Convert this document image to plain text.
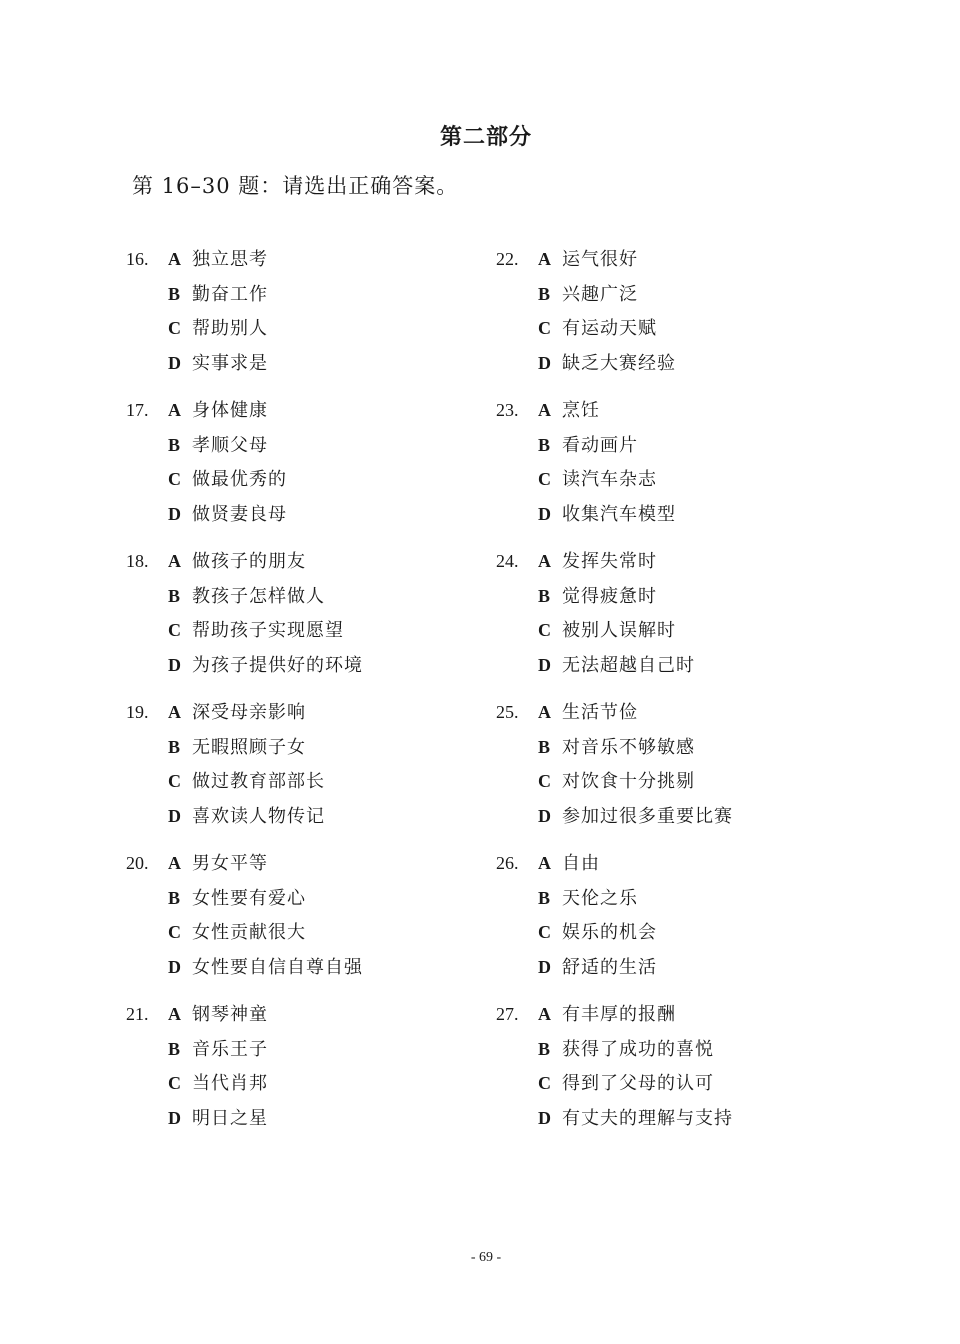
第二部分
第 16–30 题：请选出正确答案。
16.	A 独立思考
B 勤奋工作
C 帮助别人
D 实事求是
17.	A 身体健康
B 孝顺父母
C 做最优秀的
D 做贤妻良母
18.	A 做孩子的朋友
B 教孩子怎样做人
C 帮助孩子实现愿望
D 为孩子提供好的环境
19.	A 深受母亲影响
B 无暇照顾子女
C 做过教育部部长
D 喜欢读人物传记
20.	A 男女平等
B 女性要有爱心
C 女性贡献很大
D 女性要自信自尊自强
21.	A 钢琴神童
B 音乐王子
C 当代肖邦
D 明日之星
22.	A 运气很好
B 兴趣广泛
C 有运动天赋
D 缺乏大赛经验
23.	A 烹饪
B 看动画片
C 读汽车杂志
D 收集汽车模型
24.	A 发挥失常时
B 觉得疲惫时
C 被别人误解时
D 无法超越自己时
25.	A 生活节俭
B 对音乐不够敏感
C 对饮食十分挑剔
D 参加过很多重要比赛
26.	A 自由
B 天伦之乐
C 娱乐的机会
D 舒适的生活
27.	A 有丰厚的报酬
B 获得了成功的喜悦
C 得到了父母的认可
D 有丈夫的理解与支持
- 69 -
